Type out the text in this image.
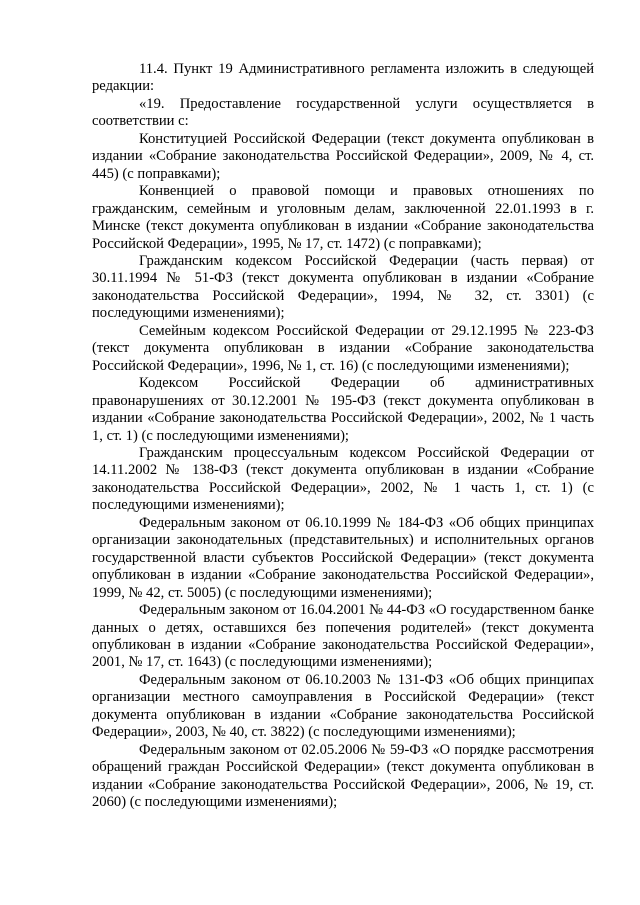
11.4. Пункт 19 Административного регламента изложить в следующей редакции:

«19. Предоставление государственной услуги осуществляется в соответствии с:

Конституцией Российской Федерации (текст документа опубликован в издании «Собрание законодательства Российской Федерации», 2009, № 4, ст. 445) (с поправками);

Конвенцией о правовой помощи и правовых отношениях по гражданским, семейным и уголовным делам, заключенной 22.01.1993 в г. Минске (текст документа опубликован в издании «Собрание законодательства Российской Федерации», 1995, № 17, ст. 1472) (с поправками);

Гражданским кодексом Российской Федерации (часть первая) от 30.11.1994 № 51-ФЗ (текст документа опубликован в издании «Собрание законодательства Российской Федерации», 1994, № 32, ст. 3301) (с последующими изменениями);

Семейным кодексом Российской Федерации от 29.12.1995 № 223-ФЗ (текст документа опубликован в издании «Собрание законодательства Российской Федерации», 1996, № 1, ст. 16) (с последующими изменениями);

Кодексом Российской Федерации об административных правонарушениях от 30.12.2001 № 195-ФЗ (текст документа опубликован в издании «Собрание законодательства Российской Федерации», 2002, № 1 часть 1, ст. 1) (с последующими изменениями);

Гражданским процессуальным кодексом Российской Федерации от 14.11.2002 № 138-ФЗ (текст документа опубликован в издании «Собрание законодательства Российской Федерации», 2002, № 1 часть 1, ст. 1) (с последующими изменениями);

Федеральным законом от 06.10.1999 № 184-ФЗ «Об общих принципах организации законодательных (представительных) и исполнительных органов государственной власти субъектов Российской Федерации» (текст документа опубликован в издании «Собрание законодательства Российской Федерации», 1999, № 42, ст. 5005) (с последующими изменениями);

Федеральным законом от 16.04.2001 № 44-ФЗ «О государственном банке данных о детях, оставшихся без попечения родителей» (текст документа опубликован в издании «Собрание законодательства Российской Федерации», 2001, № 17, ст. 1643) (с последующими изменениями);

Федеральным законом от 06.10.2003 № 131-ФЗ «Об общих принципах организации местного самоуправления в Российской Федерации» (текст документа опубликован в издании «Собрание законодательства Российской Федерации», 2003, № 40, ст. 3822) (с последующими изменениями);

Федеральным законом от 02.05.2006 № 59-ФЗ «О порядке рассмотрения обращений граждан Российской Федерации» (текст документа опубликован в издании «Собрание законодательства Российской Федерации», 2006, № 19, ст. 2060) (с последующими изменениями);
